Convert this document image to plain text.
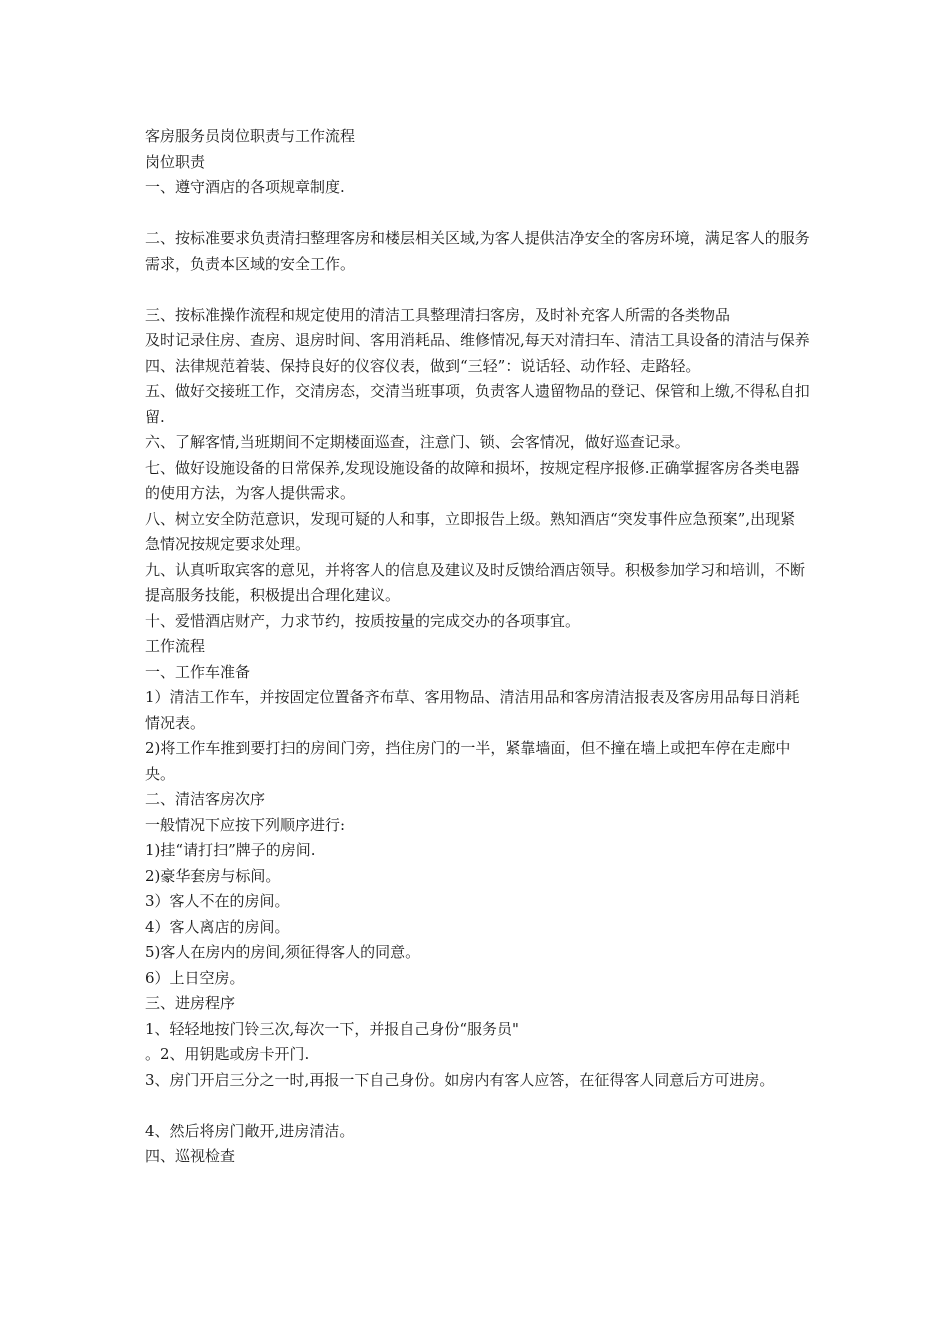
客房服务员岗位职责与工作流程

岗位职责

一、遵守酒店的各项规章制度.

二、按标准要求负责清扫整理客房和楼层相关区域,为客人提供洁净安全的客房环境，满足客人的服务需求，负责本区域的安全工作。

三、按标准操作流程和规定使用的清洁工具整理清扫客房，及时补充客人所需的各类物品

及时记录住房、查房、退房时间、客用消耗品、维修情况,每天对清扫车、清洁工具设备的清洁与保养

四、法律规范着装、保持良好的仪容仪表，做到“三轻”：说话轻、动作轻、走路轻。

五、做好交接班工作，交清房态，交清当班事项，负责客人遗留物品的登记、保管和上缴,不得私自扣留.

六、了解客情,当班期间不定期楼面巡查，注意门、锁、会客情况，做好巡查记录。

七、做好设施设备的日常保养,发现设施设备的故障和损坏，按规定程序报修.正确掌握客房各类电器的使用方法，为客人提供需求。

八、树立安全防范意识，发现可疑的人和事，立即报告上级。熟知酒店“突发事件应急预案”,出现紧急情况按规定要求处理。

九、认真听取宾客的意见，并将客人的信息及建议及时反馈给酒店领导。积极参加学习和培训，不断提高服务技能，积极提出合理化建议。

十、爱惜酒店财产，力求节约，按质按量的完成交办的各项事宜。

工作流程

一、工作车准备

1）清洁工作车，并按固定位置备齐布草、客用物品、清洁用品和客房清洁报表及客房用品每日消耗情况表。

2)将工作车推到要打扫的房间门旁，挡住房门的一半，紧靠墙面，但不撞在墙上或把车停在走廊中央。

二、清洁客房次序

一般情况下应按下列顺序进行:

1)挂“请打扫”牌子的房间.

2)豪华套房与标间。

3）客人不在的房间。

4）客人离店的房间。

5)客人在房内的房间,须征得客人的同意。

6）上日空房。

三、进房程序

1、轻轻地按门铃三次,每次一下，并报自己身份“服务员"

。2、用钥匙或房卡开门.

3、房门开启三分之一时,再报一下自己身份。如房内有客人应答，在征得客人同意后方可进房。

4、然后将房门敞开,进房清洁。

四、巡视检查
